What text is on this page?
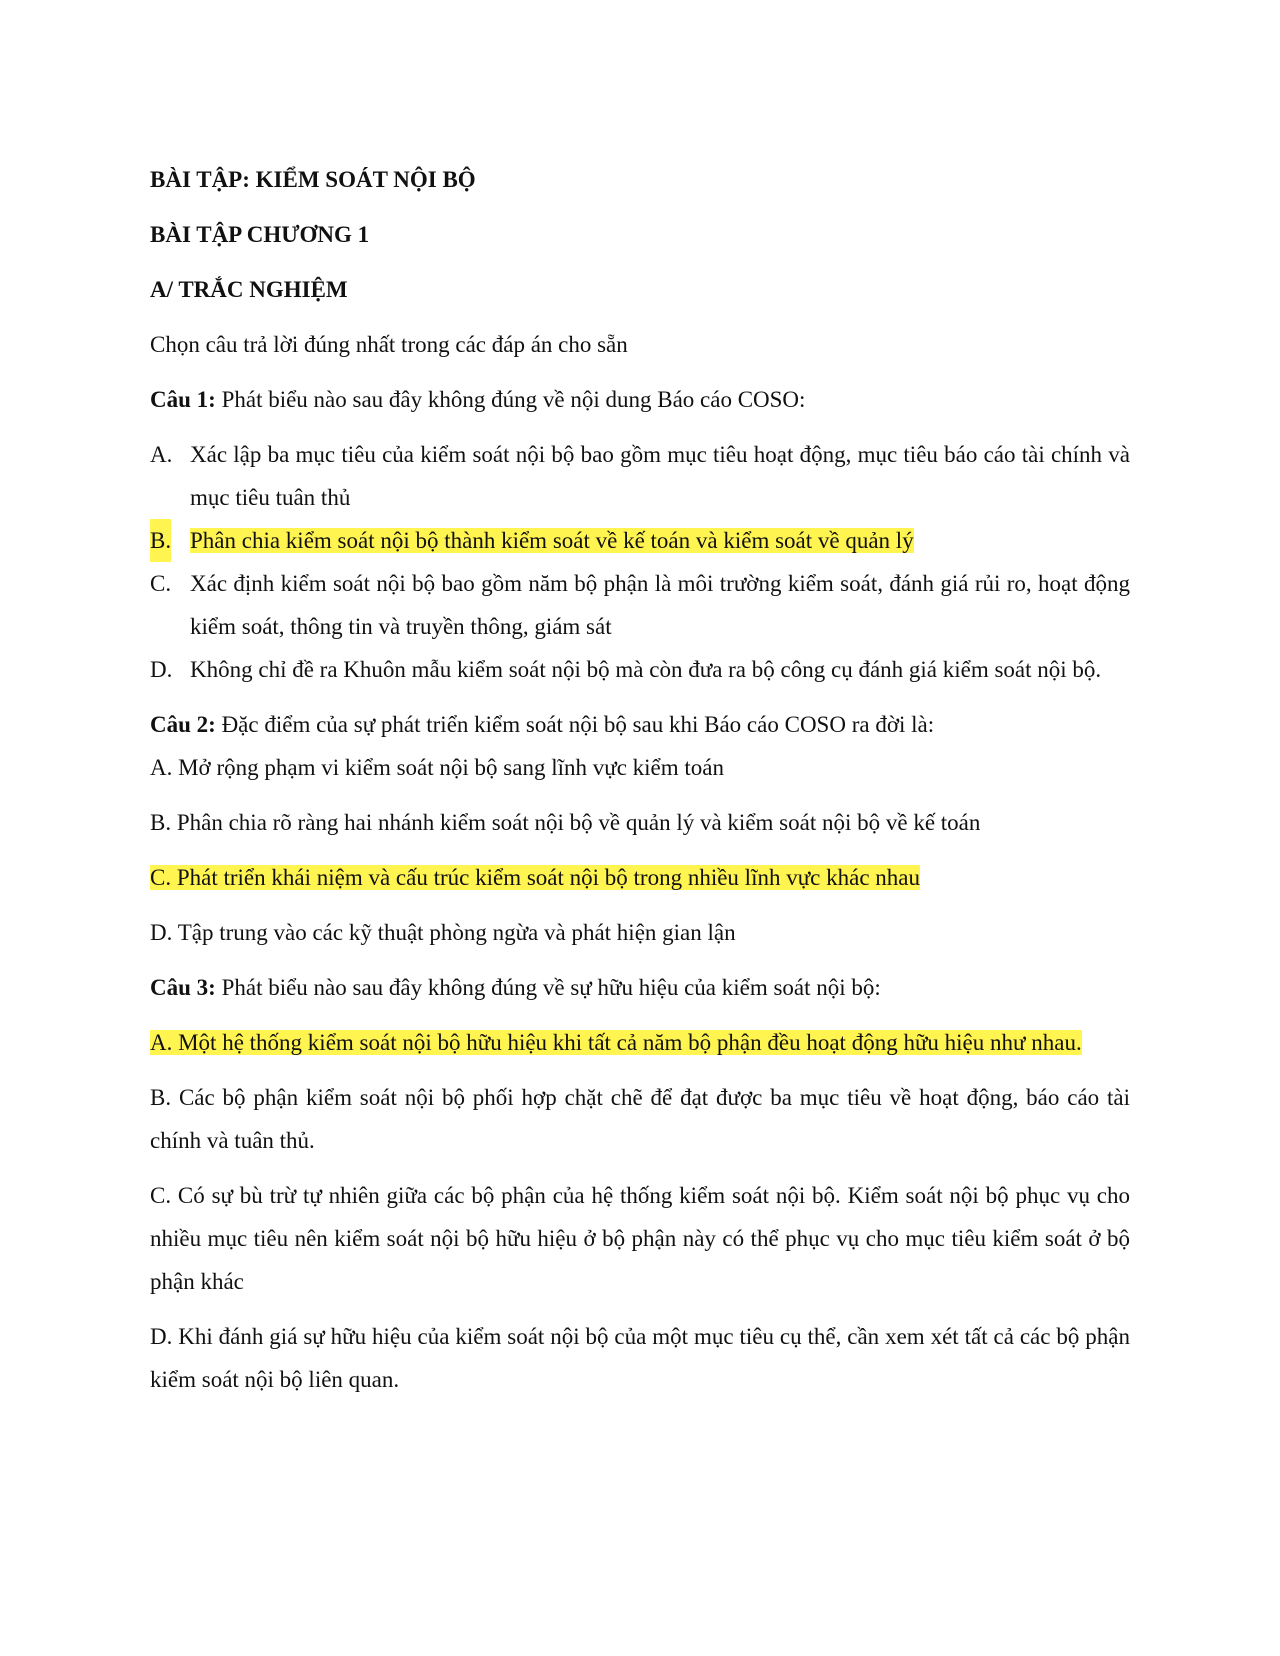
BÀI TẬP: KIỂM SOÁT NỘI BỘ
BÀI TẬP CHƯƠNG 1
A/ TRẮC NGHIỆM
Chọn câu trả lời đúng nhất trong các đáp án cho sẵn
Câu 1: Phát biểu nào sau đây không đúng về nội dung Báo cáo COSO:
A. Xác lập ba mục tiêu của kiểm soát nội bộ bao gồm mục tiêu hoạt động, mục tiêu báo cáo tài chính và mục tiêu tuân thủ
B. Phân chia kiểm soát nội bộ thành kiểm soát về kế toán và kiểm soát về quản lý
C. Xác định kiểm soát nội bộ bao gồm năm bộ phận là môi trường kiểm soát, đánh giá rủi ro, hoạt động kiểm soát, thông tin và truyền thông, giám sát
D. Không chỉ đề ra Khuôn mẫu kiểm soát nội bộ mà còn đưa ra bộ công cụ đánh giá kiểm soát nội bộ.
Câu 2: Đặc điểm của sự phát triển kiểm soát nội bộ sau khi Báo cáo COSO ra đời là:
A. Mở rộng phạm vi kiểm soát nội bộ sang lĩnh vực kiểm toán
B. Phân chia rõ ràng hai nhánh kiểm soát nội bộ về quản lý và kiểm soát nội bộ về kế toán
C. Phát triển khái niệm và cấu trúc kiểm soát nội bộ trong nhiều lĩnh vực khác nhau
D. Tập trung vào các kỹ thuật phòng ngừa và phát hiện gian lận
Câu 3: Phát biểu nào sau đây không đúng về sự hữu hiệu của kiểm soát nội bộ:
A. Một hệ thống kiểm soát nội bộ hữu hiệu khi tất cả năm bộ phận đều hoạt động hữu hiệu như nhau.
B. Các bộ phận kiểm soát nội bộ phối hợp chặt chẽ để đạt được ba mục tiêu về hoạt động, báo cáo tài chính và tuân thủ.
C. Có sự bù trừ tự nhiên giữa các bộ phận của hệ thống kiểm soát nội bộ. Kiểm soát nội bộ phục vụ cho nhiều mục tiêu nên kiểm soát nội bộ hữu hiệu ở bộ phận này có thể phục vụ cho mục tiêu kiểm soát ở bộ phận khác
D. Khi đánh giá sự hữu hiệu của kiểm soát nội bộ của một mục tiêu cụ thể, cần xem xét tất cả các bộ phận kiểm soát nội bộ liên quan.
